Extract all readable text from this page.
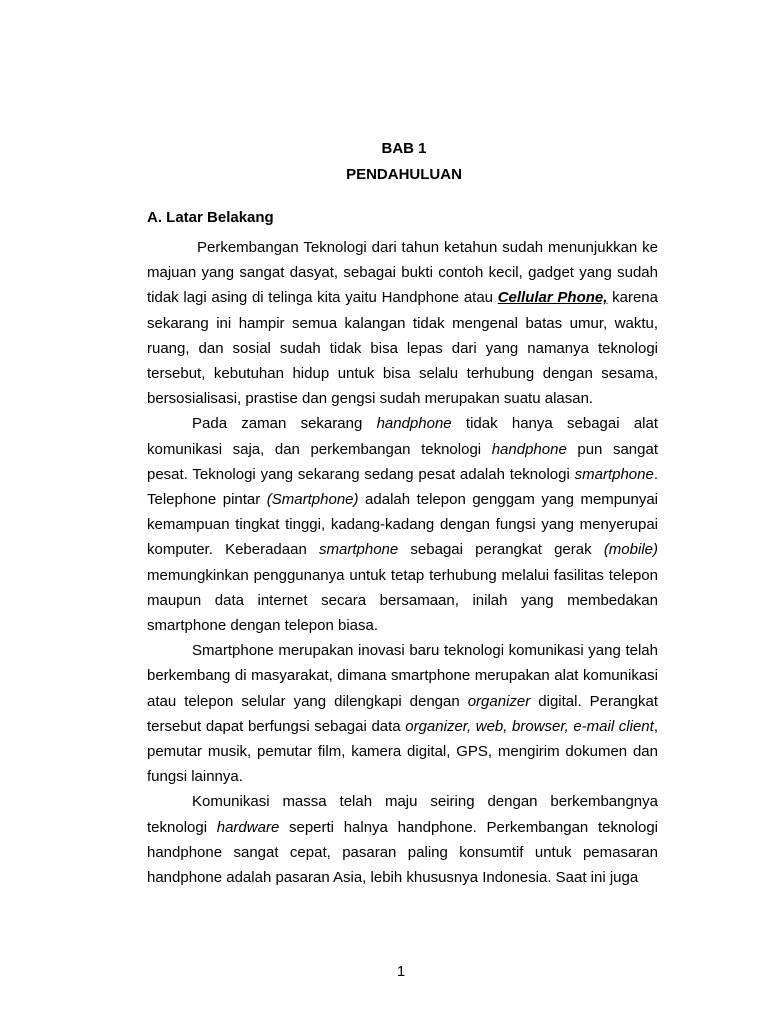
BAB 1
PENDAHULUAN
A. Latar Belakang

Perkembangan Teknologi dari tahun ketahun sudah menunjukkan ke majuan yang sangat dasyat, sebagai bukti contoh kecil, gadget yang sudah tidak lagi asing di telinga kita yaitu Handphone atau Cellular Phone, karena sekarang ini hampir semua kalangan tidak mengenal batas umur, waktu, ruang, dan sosial sudah tidak bisa lepas dari yang namanya teknologi tersebut, kebutuhan hidup untuk bisa selalu terhubung dengan sesama, bersosialisasi, prastise dan gengsi sudah merupakan suatu alasan.

Pada zaman sekarang handphone tidak hanya sebagai alat komunikasi saja, dan perkembangan teknologi handphone pun sangat pesat. Teknologi yang sekarang sedang pesat adalah teknologi smartphone. Telephone pintar (Smartphone) adalah telepon genggam yang mempunyai kemampuan tingkat tinggi, kadang-kadang dengan fungsi yang menyerupai komputer. Keberadaan smartphone sebagai perangkat gerak (mobile) memungkinkan penggunanya untuk tetap terhubung melalui fasilitas telepon maupun data internet secara bersamaan, inilah yang membedakan smartphone dengan telepon biasa.

Smartphone merupakan inovasi baru teknologi komunikasi yang telah berkembang di masyarakat, dimana smartphone merupakan alat komunikasi atau telepon selular yang dilengkapi dengan organizer digital. Perangkat tersebut dapat berfungsi sebagai data organizer, web, browser, e-mail client, pemutar musik, pemutar film, kamera digital, GPS, mengirim dokumen dan fungsi lainnya.

Komunikasi massa telah maju seiring dengan berkembangnya teknologi hardware seperti halnya handphone. Perkembangan teknologi handphone sangat cepat, pasaran paling konsumtif untuk pemasaran handphone adalah pasaran Asia, lebih khususnya Indonesia. Saat ini juga

1
